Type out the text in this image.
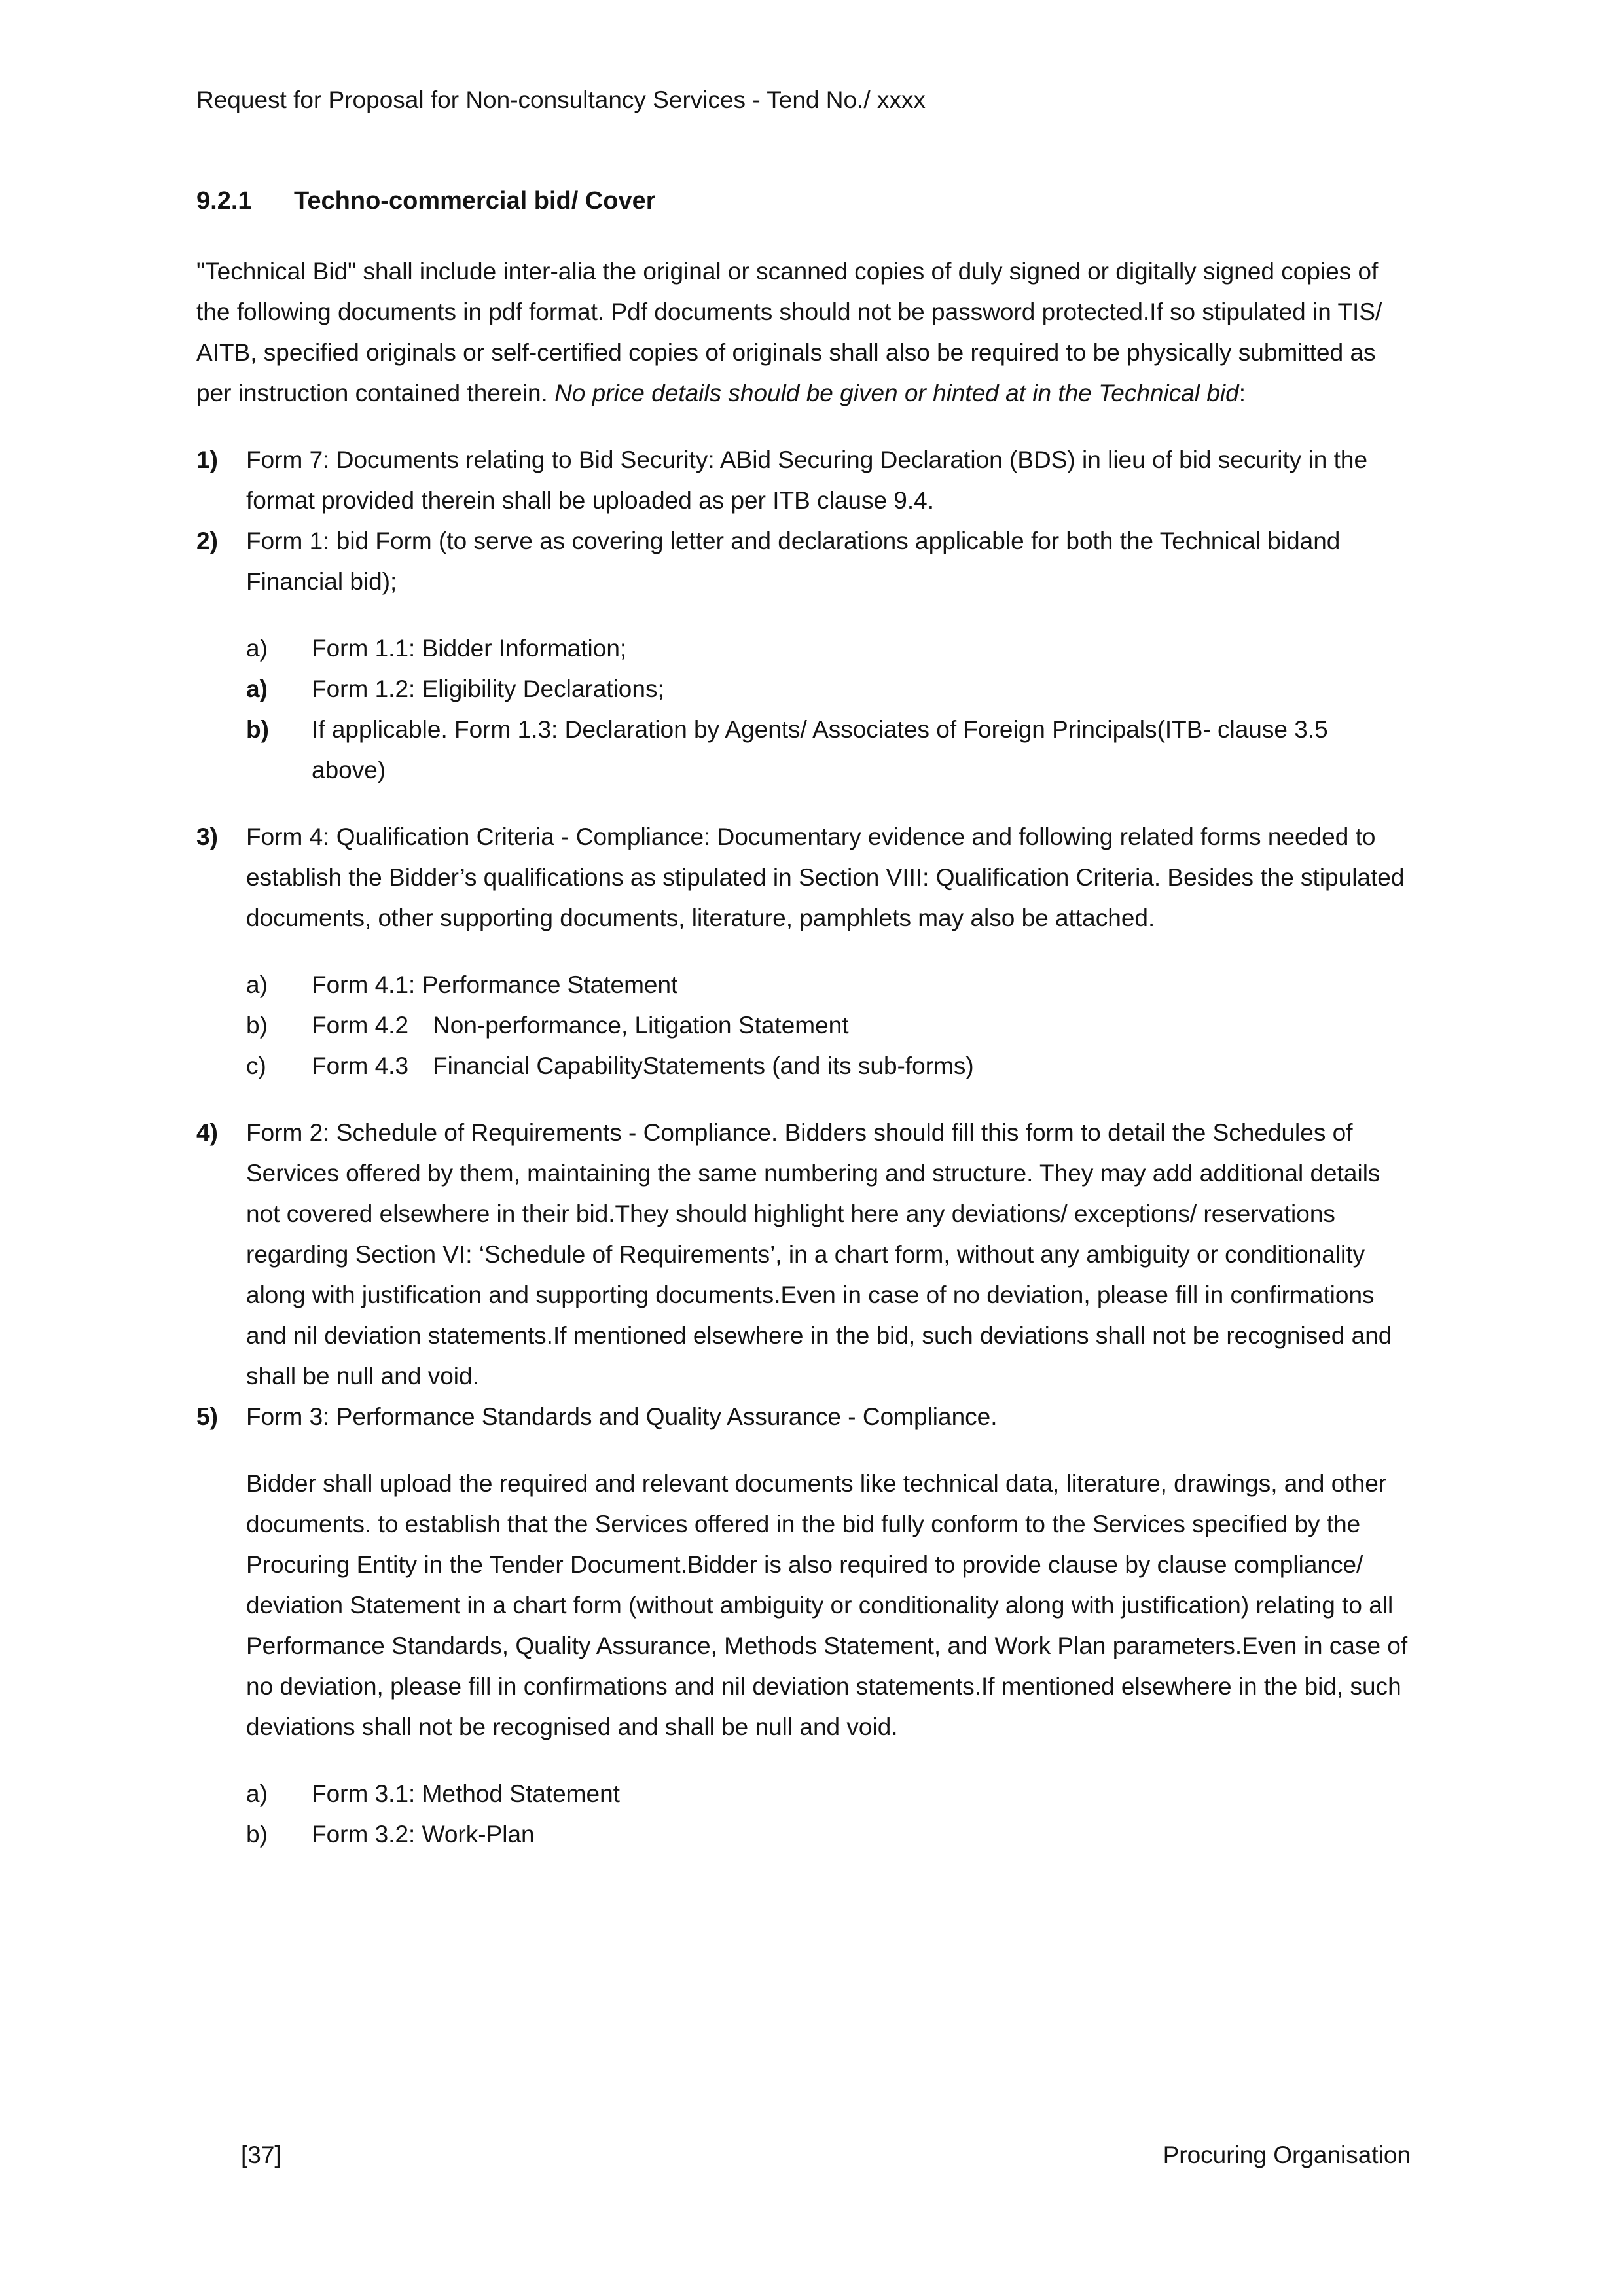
Request for Proposal for Non-consultancy Services - Tend No./ xxxx
9.2.1	Techno-commercial bid/ Cover

"Technical Bid" shall include inter-alia the original or scanned copies of duly signed or digitally signed copies of the following documents in pdf format. Pdf documents should not be password protected.If so stipulated in TIS/ AITB, specified originals or self-certified copies of originals shall also be required to be physically submitted as per instruction contained therein. No price details should be given or hinted at in the Technical bid:

1)	Form 7: Documents relating to Bid Security: ABid Securing Declaration (BDS) in lieu of bid security in the format provided therein shall be uploaded as per ITB clause 9.4.
2)	Form 1: bid Form (to serve as covering letter and declarations applicable for both the Technical bidand Financial bid);
a)	Form 1.1: Bidder Information;
a)	Form 1.2: Eligibility Declarations;
b)	If applicable. Form 1.3: Declaration by Agents/ Associates of Foreign Principals(ITB- clause 3.5 above)
3)	Form 4: Qualification Criteria - Compliance: Documentary evidence and following related forms needed to establish the Bidder’s qualifications as stipulated in Section VIII: Qualification Criteria. Besides the stipulated documents, other supporting documents, literature, pamphlets may also be attached.
a)	Form 4.1: Performance Statement
b)	Form 4.2 Non-performance, Litigation Statement
c)	Form 4.3 Financial CapabilityStatements (and its sub-forms)
4)	Form 2: Schedule of Requirements - Compliance. Bidders should fill this form to detail the Schedules of Services offered by them, maintaining the same numbering and structure. They may add additional details not covered elsewhere in their bid.They should highlight here any deviations/ exceptions/ reservations regarding Section VI: ‘Schedule of Requirements’, in a chart form, without any ambiguity or conditionality along with justification and supporting documents.Even in case of no deviation, please fill in confirmations and nil deviation statements.If mentioned elsewhere in the bid, such deviations shall not be recognised and shall be null and void.
5)	Form 3: Performance Standards and Quality Assurance - Compliance.
Bidder shall upload the required and relevant documents like technical data, literature, drawings, and other documents. to establish that the Services offered in the bid fully conform to the Services specified by the Procuring Entity in the Tender Document.Bidder is also required to provide clause by clause compliance/ deviation Statement in a chart form (without ambiguity or conditionality along with justification) relating to all Performance Standards, Quality Assurance, Methods Statement, and Work Plan parameters.Even in case of no deviation, please fill in confirmations and nil deviation statements.If mentioned elsewhere in the bid, such deviations shall not be recognised and shall be null and void.
a)	Form 3.1: Method Statement
b)	Form 3.2: Work-Plan
[37]	Procuring Organisation
